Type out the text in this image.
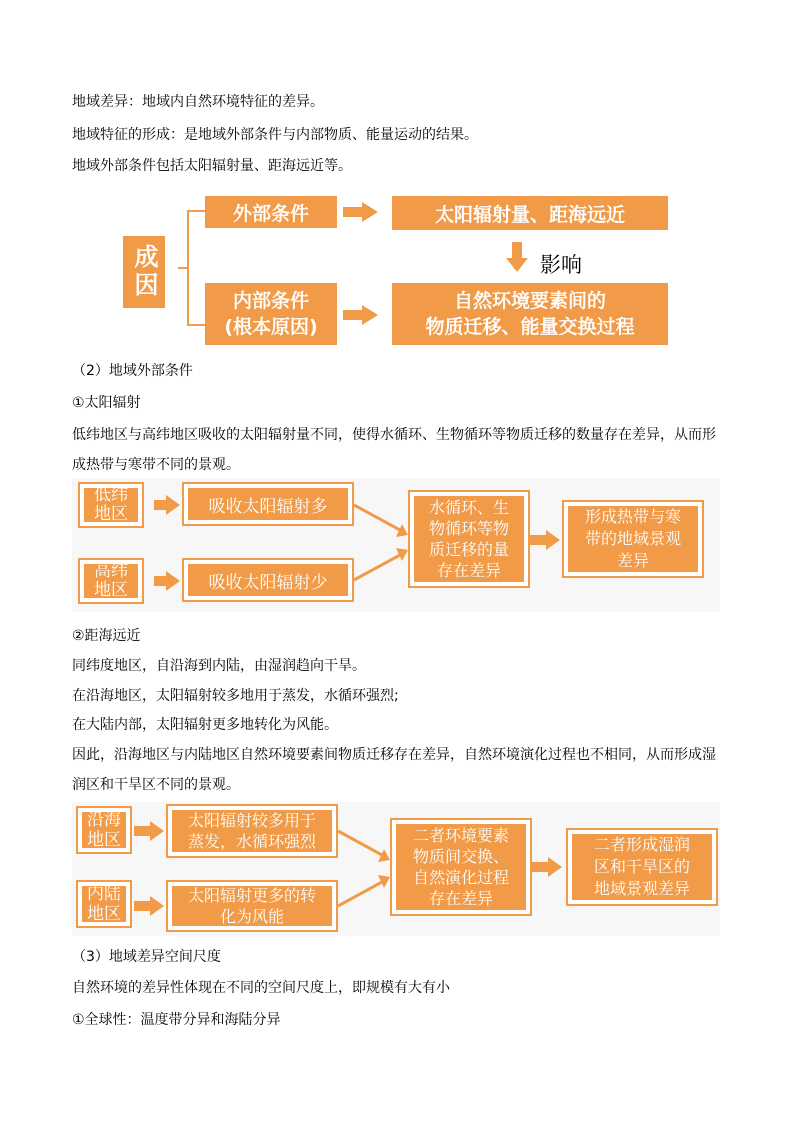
地域差异：地域内自然环境特征的差异。
地域特征的形成：是地域外部条件与内部物质、能量运动的结果。
地域外部条件包括太阳辐射量、距海远近等。
成因
外部条件	太阳辐射量、距海远近
影响
内部条件
(根本原因)
自然环境要素间的
物质迁移、能量交换过程
（2）地域外部条件
①太阳辐射
低纬地区与高纬地区吸收的太阳辐射量不同，使得水循环、生物循环等物质迁移的数量存在差异，从而形成热带与寒带不同的景观。
低纬
地区	吸收太阳辐射多
高纬
地区	吸收太阳辐射少
水循环、生
物循环等物
质迁移的量
存在差异
形成热带与寒
带的地域景观
差异
②距海远近
同纬度地区，自沿海到内陆，由湿润趋向干旱。
在沿海地区，太阳辐射较多地用于蒸发，水循环强烈;
在大陆内部，太阳辐射更多地转化为风能。
因此，沿海地区与内陆地区自然环境要素间物质迁移存在差异，自然环境演化过程也不相同，从而形成湿润区和干旱区不同的景观。
沿海
地区
太阳辐射较多用于
蒸发，水循环强烈
内陆
地区
太阳辐射更多的转
化为风能
二者环境要素
物质间交换、
自然演化过程
存在差异
二者形成湿润
区和干旱区的
地域景观差异
（3）地域差异空间尺度
自然环境的差异性体现在不同的空间尺度上，即规模有大有小
①全球性：温度带分异和海陆分异
